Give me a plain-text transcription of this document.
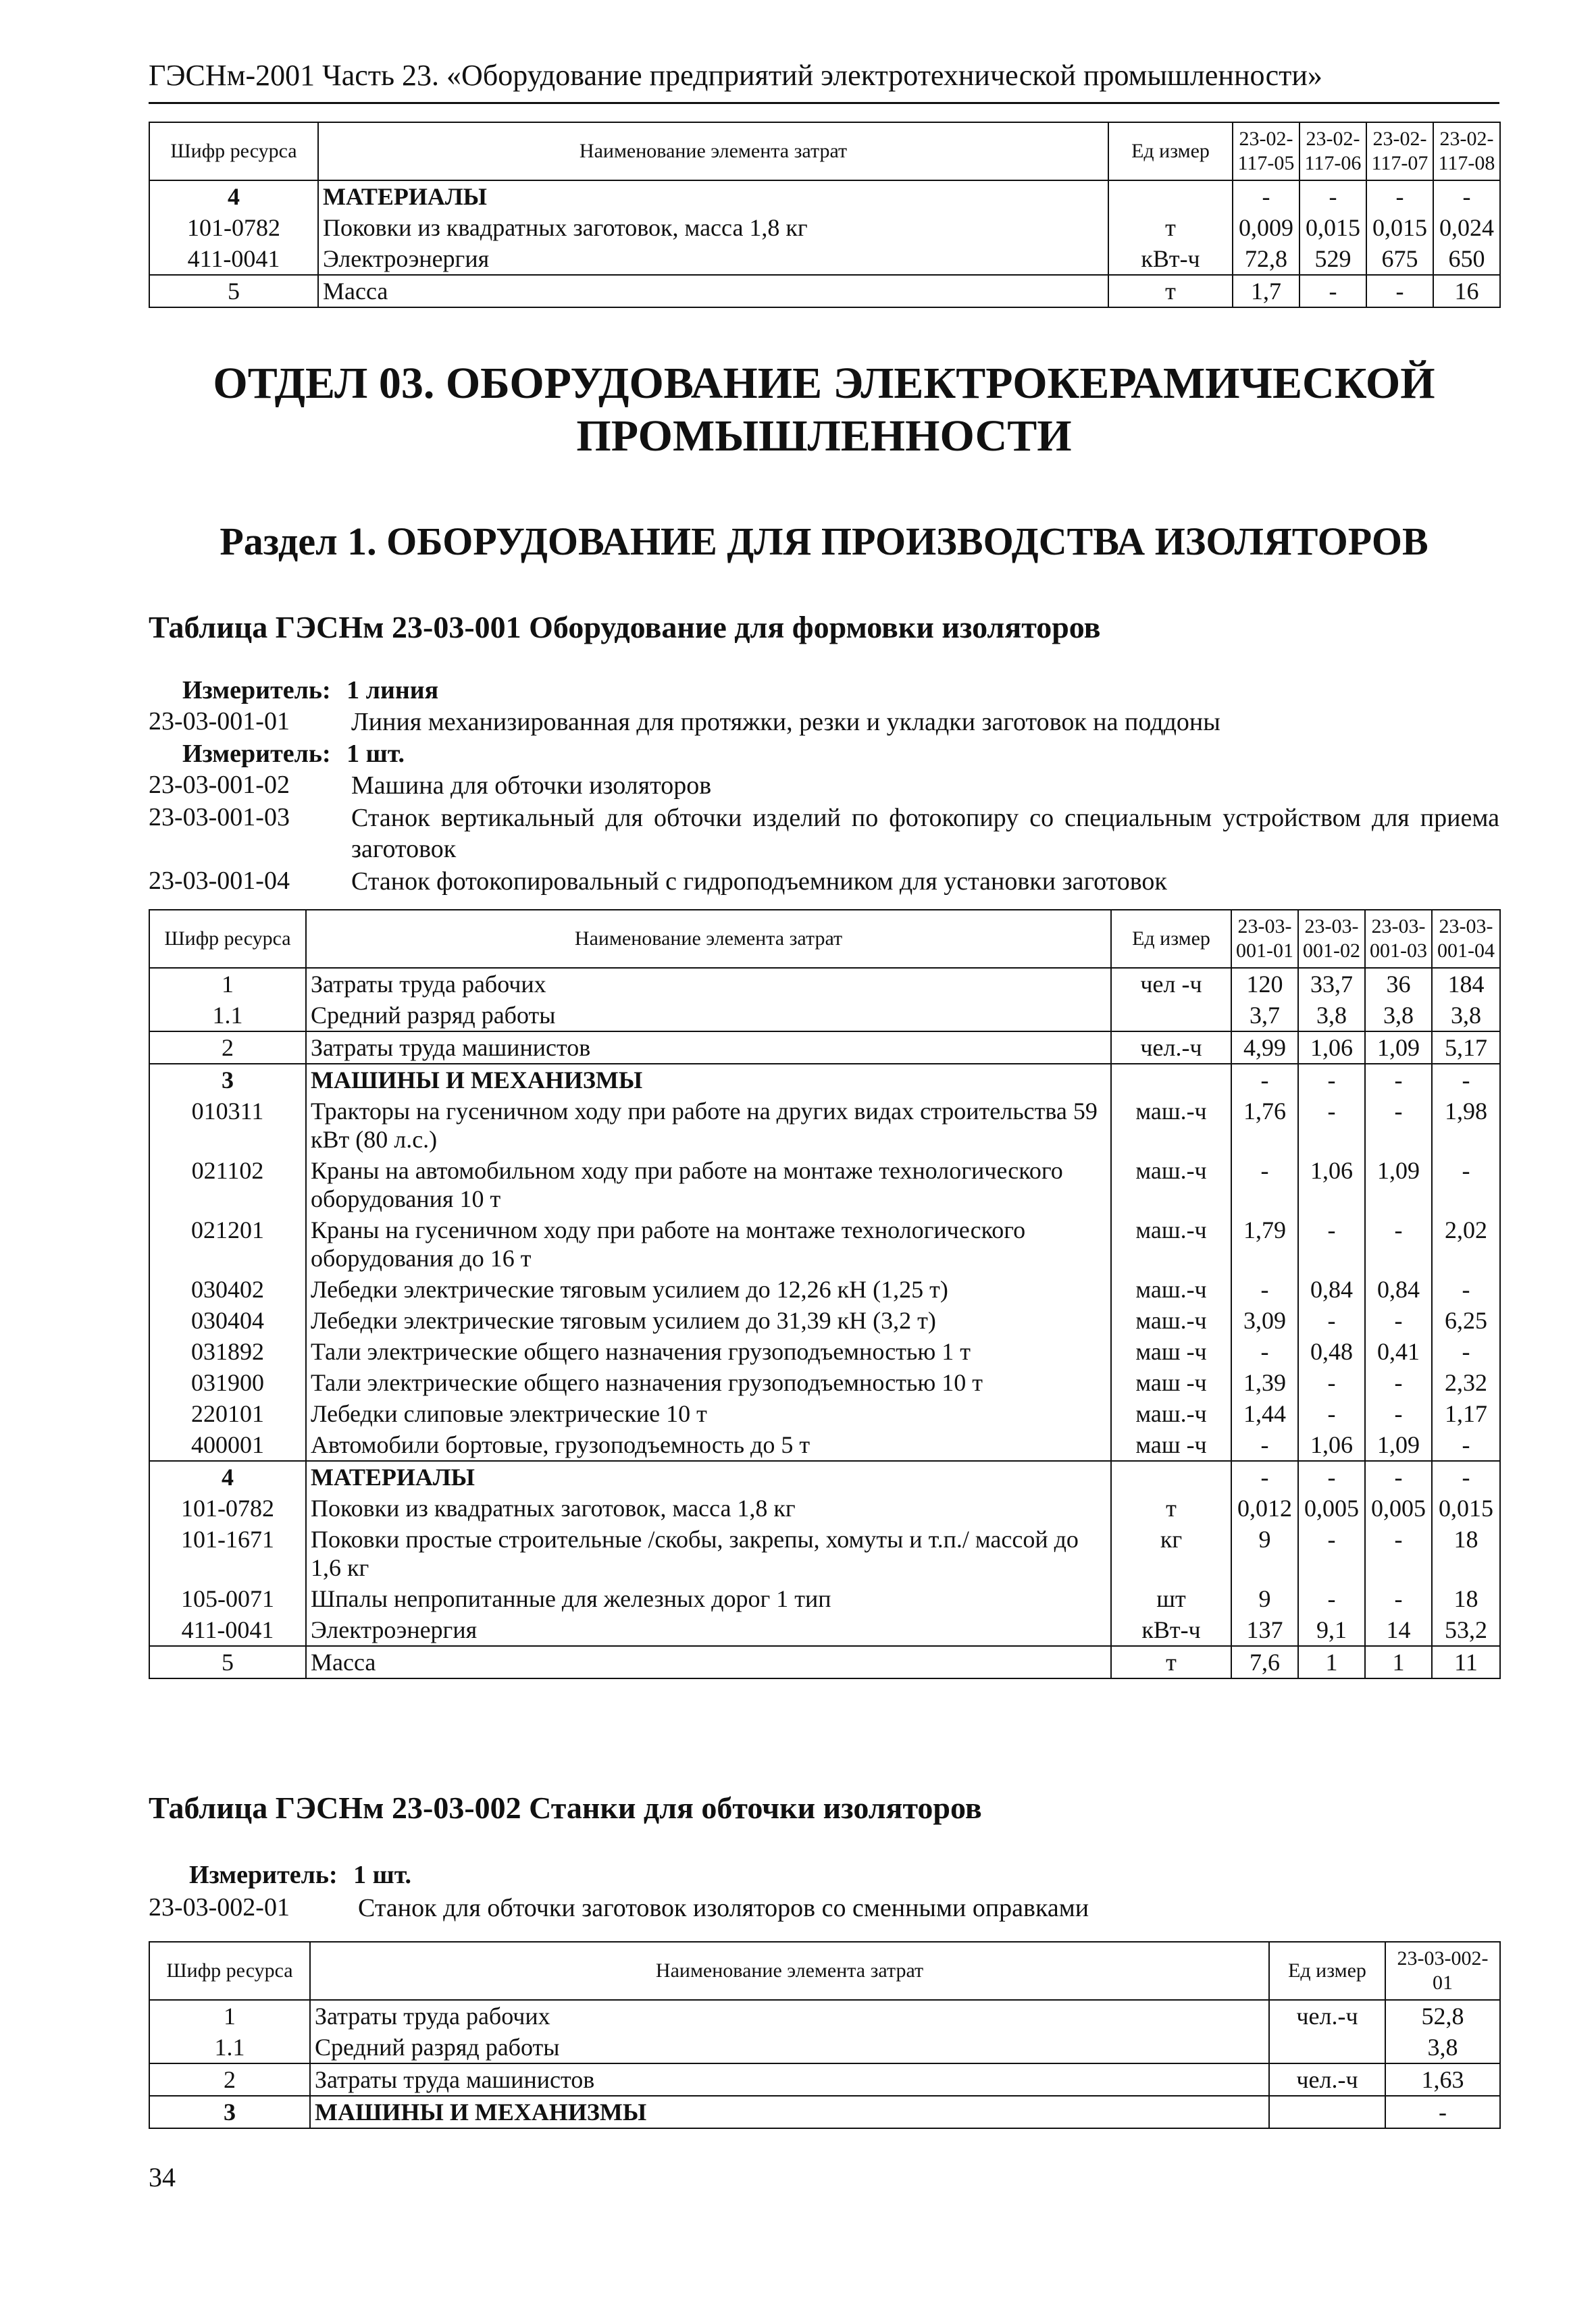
ГЭСНм-2001 Часть 23. «Оборудование предприятий электротехнической промышленности»
Шифр ресурса	Наименование элемента затрат	Ед измер	23-02-117-05	23-02-117-06	23-02-117-07	23-02-117-08
4	МАТЕРИАЛЫ		-	-	-	-
101-0782	Поковки из квадратных заготовок, масса 1,8 кг	т	0,009	0,015	0,015	0,024
411-0041	Электроэнергия	кВт-ч	72,8	529	675	650
5	Масса	т	1,7	-	-	16
ОТДЕЛ 03. ОБОРУДОВАНИЕ ЭЛЕКТРОКЕРАМИЧЕСКОЙ
ПРОМЫШЛЕННОСТИ
Раздел 1. ОБОРУДОВАНИЕ ДЛЯ ПРОИЗВОДСТВА ИЗОЛЯТОРОВ
Таблица ГЭСНм 23-03-001 Оборудование для формовки изоляторов
Измеритель: 1 линия
23-03-001-01 Линия механизированная для протяжки, резки и укладки заготовок на поддоны
Измеритель: 1 шт.
23-03-001-02 Машина для обточки изоляторов
23-03-001-03 Станок вертикальный для обточки изделий по фотокопиру со специальным устройством для приема заготовок
23-03-001-04 Станок фотокопировальный с гидроподъемником для установки заготовок
Шифр ресурса	Наименование элемента затрат	Ед измер	23-03-001-01	23-03-001-02	23-03-001-03	23-03-001-04
1	Затраты труда рабочих	чел -ч	120	33,7	36	184
1.1	Средний разряд работы		3,7	3,8	3,8	3,8
2	Затраты труда машинистов	чел.-ч	4,99	1,06	1,09	5,17
3	МАШИНЫ И МЕХАНИЗМЫ		-	-	-	-
010311	Тракторы на гусеничном ходу при работе на других видах строительства 59 кВт (80 л.с.)	маш.-ч	1,76	-	-	1,98
021102	Краны на автомобильном ходу при работе на монтаже технологического оборудования 10 т	маш.-ч	-	1,06	1,09	-
021201	Краны на гусеничном ходу при работе на монтаже технологического оборудования до 16 т	маш.-ч	1,79	-	-	2,02
030402	Лебедки электрические тяговым усилием до 12,26 кН (1,25 т)	маш.-ч	-	0,84	0,84	-
030404	Лебедки электрические тяговым усилием до 31,39 кН (3,2 т)	маш.-ч	3,09	-	-	6,25
031892	Тали электрические общего назначения грузоподъемностью 1 т	маш -ч	-	0,48	0,41	-
031900	Тали электрические общего назначения грузоподъемностью 10 т	маш -ч	1,39	-	-	2,32
220101	Лебедки слиповые электрические 10 т	маш.-ч	1,44	-	-	1,17
400001	Автомобили бортовые, грузоподъемность до 5 т	маш -ч	-	1,06	1,09	-
4	МАТЕРИАЛЫ		-	-	-	-
101-0782	Поковки из квадратных заготовок, масса 1,8 кг	т	0,012	0,005	0,005	0,015
101-1671	Поковки простые строительные /скобы, закрепы, хомуты и т.п./ массой до 1,6 кг	кг	9	-	-	18
105-0071	Шпалы непропитанные для железных дорог 1 тип	шт	9	-	-	18
411-0041	Электроэнергия	кВт-ч	137	9,1	14	53,2
5	Масса	т	7,6	1	1	11
Таблица ГЭСНм 23-03-002 Станки для обточки изоляторов
Измеритель: 1 шт.
23-03-002-01	Станок для обточки заготовок изоляторов со сменными оправками
Шифр ресурса	Наименование элемента затрат	Ед измер	23-03-002-01
1	Затраты труда рабочих	чел.-ч	52,8
1.1	Средний разряд работы		3,8
2	Затраты труда машинистов	чел.-ч	1,63
3	МАШИНЫ И МЕХАНИЗМЫ		-
34
